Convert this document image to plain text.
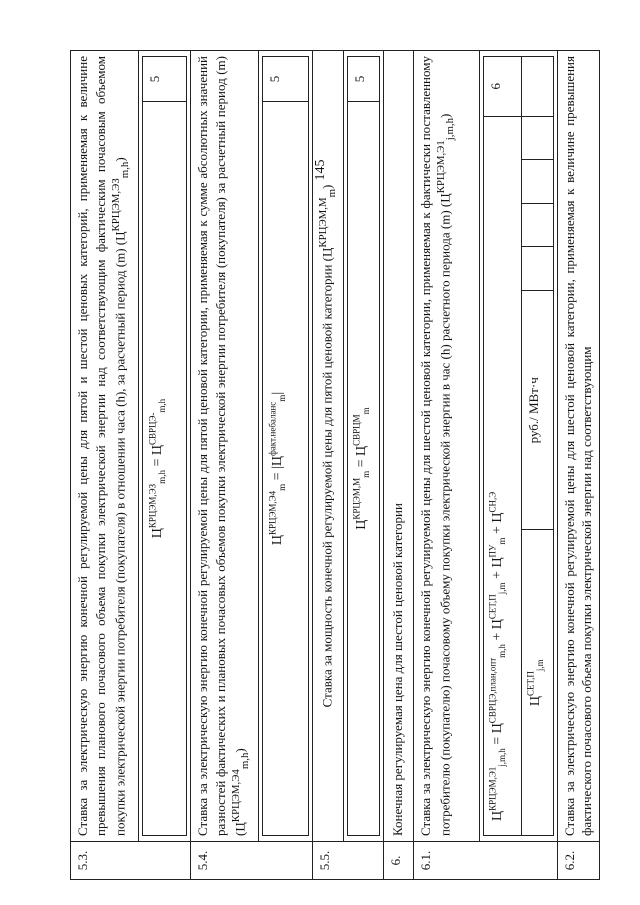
145
5.3.	Ставка за электрическую энергию конечной регулируемой цены для пятой и шестой ценовых категорий, применяемая к величине превышения планового почасового объема покупки электрической энергии над соответствующим фактическим почасовым объемом покупки электрической энергии потребителя (покупателя) в отношении часа (h), за расчетный период (m) $(Ц^{КРЦЭМ,ЭЗ}_{m,h})$

$Ц^{КРЦЭМ,ЭЗ}_{m,h} = Ц^{СВРЦЭ-}_{m,h}$	5

5.4.	Ставка за электрическую энергию конечной регулируемой цены для пятой ценовой категории, применяемая к сумме абсолютных значений разностей фактических и плановых почасовых объемов покупки электрической энергии потребителя (покупателя) за расчетный период (m) $(Ц^{КРЦЭМ,Э4}_{m,h})$

$Ц^{КРЦЭМ,Э4}_m = |Ц^{факт.небаланс}_m|$	5

5.5.	Ставка за мощность конечной регулируемой цены для пятой ценовой категории $(Ц^{КРЦЭМ,М}_m)$

$Ц^{КРЦЭМ,М}_m = Ц^{СВРЦМ}_m$	5

6.	Конечная регулируемая цена для шестой ценовой категории
6.1.	Ставка за электрическую энергию конечной регулируемой цены для шестой ценовой категории, применяемая к фактически поставленному потребителю (покупателю) почасовому объему покупки электрической энергии в час (h) расчетного периода (m) $(Ц^{КРЦЭМ,Э1}_{j,m,h})$

$Ц^{КРЦЭМ,Э1}_{j,m,h} = Ц^{СВРЦЭ,план,опт}_{m,h} + Ц^{СЕТ,П}_{j,m} + Ц^{ПУ}_m + Ц^{СН,Э}$	6
$Ц^{СЕТ,П}_{j,m}$	руб./ МВт·ч					

6.2.	Ставка за электрическую энергию конечной регулируемой цены для шестой ценовой категории, применяемая к величине превышения фактического почасового объема покупки электрической энергии над соответствующим
